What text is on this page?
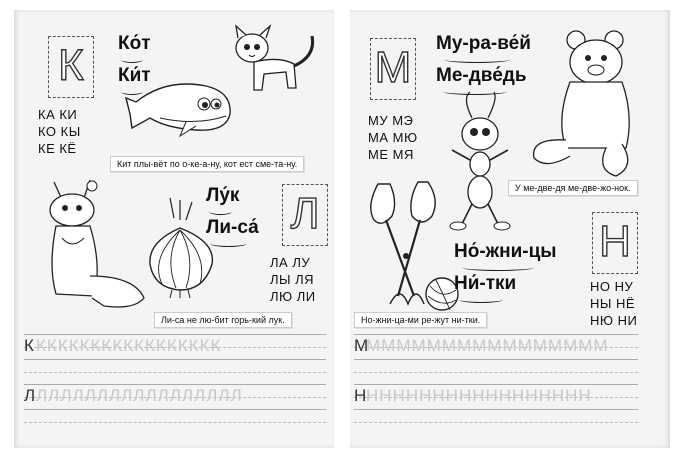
К	Ко́т
Ки́т
КА КИ
КО КЫ
КЕ КЁ
Кит плы-вёт по о-ке-а-ну, кот ест сме-та-ну.
Лу́к
Ли-са́ Л
ЛА ЛУ
ЛЫ ЛЯ
ЛЮ ЛИ
Ли-са не лю-бит горь-кий лук.
К ККККККККККККККККК
Л ЛЛЛЛЛЛЛЛЛЛЛЛЛЛЛЛЛ
М Му-ра-ве́й
Ме-две́дь
МУ МЭ
МА МЮ
МЕ МЯ
У ме-две-дя ме-две-жо-нок.
Но́-жни-цы
Ни́-тки
Н
НО НУ
НЫ НЁ
НЮ НИ
Но-жни-ца-ми ре-жут ни-тки.
М
ММММММММММММММММ
Н ННННННННННННННННН
